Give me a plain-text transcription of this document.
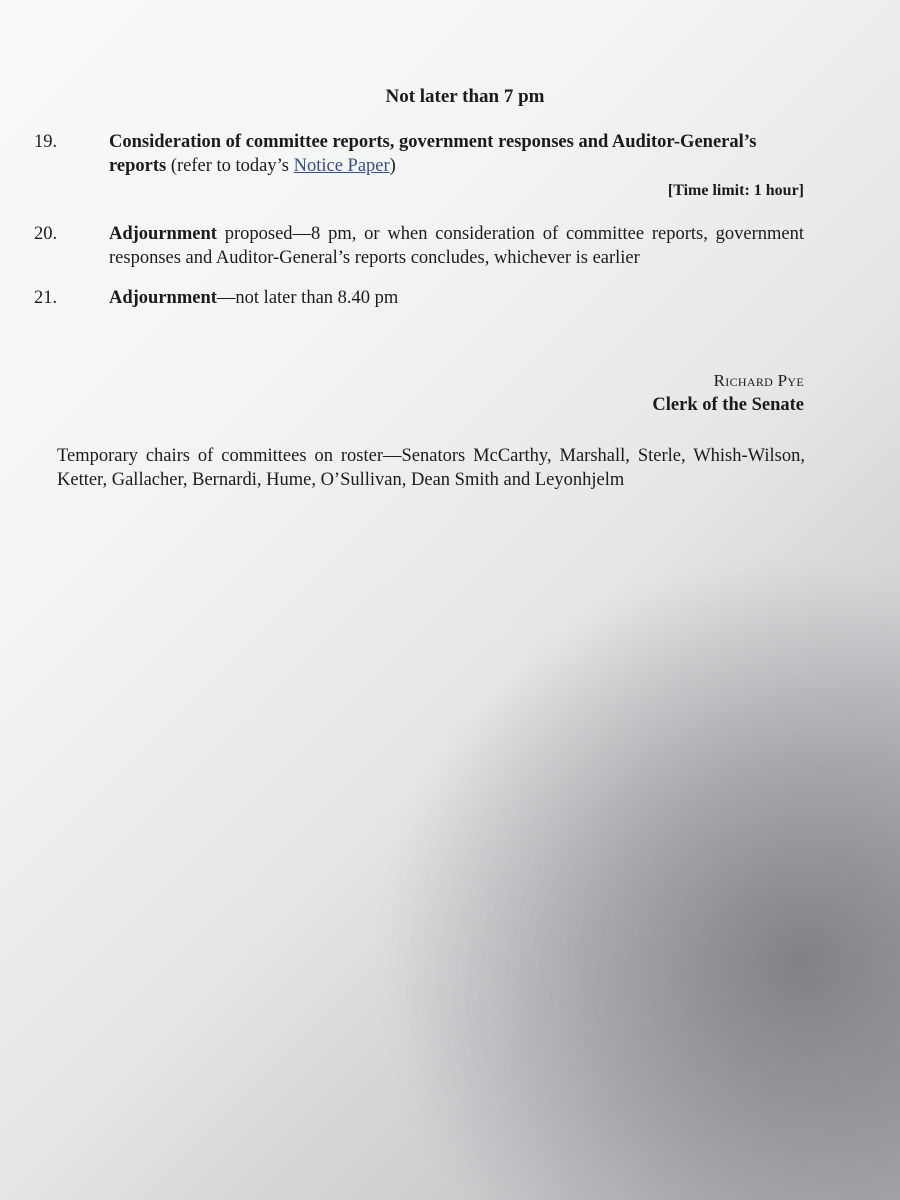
Not later than 7 pm
19.	Consideration of committee reports, government responses and Auditor-General’s reports (refer to today’s Notice Paper)
[Time limit: 1 hour]
20.	Adjournment proposed—8 pm, or when consideration of committee reports, government responses and Auditor-General’s reports concludes, whichever is earlier
21.	Adjournment—not later than 8.40 pm
Richard Pye
Clerk of the Senate
Temporary chairs of committees on roster—Senators McCarthy, Marshall, Sterle, Whish-Wilson, Ketter, Gallacher, Bernardi, Hume, O’Sullivan, Dean Smith and Leyonhjelm
